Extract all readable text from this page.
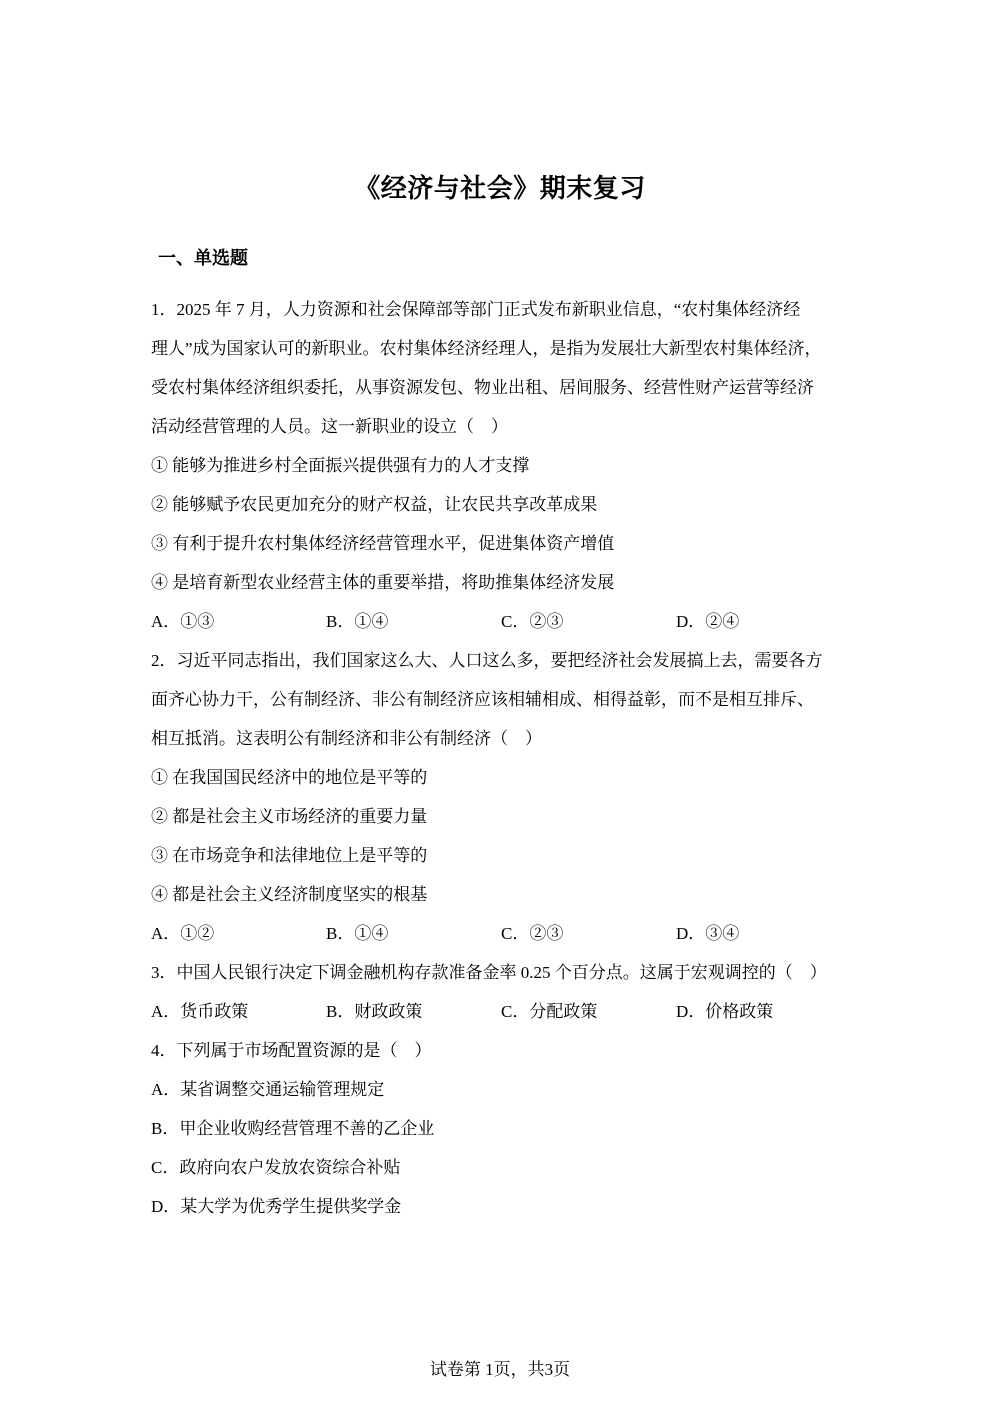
《经济与社会》期末复习
一、单选题
1．2025 年 7 月，人力资源和社会保障部等部门正式发布新职业信息，“农村集体经济经
理人”成为国家认可的新职业。农村集体经济经理人，是指为发展壮大新型农村集体经济，
受农村集体经济组织委托，从事资源发包、物业出租、居间服务、经营性财产运营等经济
活动经营管理的人员。这一新职业的设立（　）
① 能够为推进乡村全面振兴提供强有力的人才支撑
② 能够赋予农民更加充分的财产权益，让农民共享改革成果
③ 有利于提升农村集体经济经营管理水平，促进集体资产增值
④ 是培育新型农业经营主体的重要举措，将助推集体经济发展
A．①③	B．①④	C．②③	D．②④
2．习近平同志指出，我们国家这么大、人口这么多，要把经济社会发展搞上去，需要各方
面齐心协力干，公有制经济、非公有制经济应该相辅相成、相得益彰，而不是相互排斥、
相互抵消。这表明公有制经济和非公有制经济（　）
① 在我国国民经济中的地位是平等的
② 都是社会主义市场经济的重要力量
③ 在市场竞争和法律地位上是平等的
④ 都是社会主义经济制度坚实的根基
A．①②	B．①④	C．②③	D．③④
3．中国人民银行决定下调金融机构存款准备金率 0.25 个百分点。这属于宏观调控的（　）
A．货币政策	B．财政政策	C．分配政策	D．价格政策
4．下列属于市场配置资源的是（　）
A．某省调整交通运输管理规定
B．甲企业收购经营管理不善的乙企业
C．政府向农户发放农资综合补贴
D．某大学为优秀学生提供奖学金
试卷第 1页，共3页
